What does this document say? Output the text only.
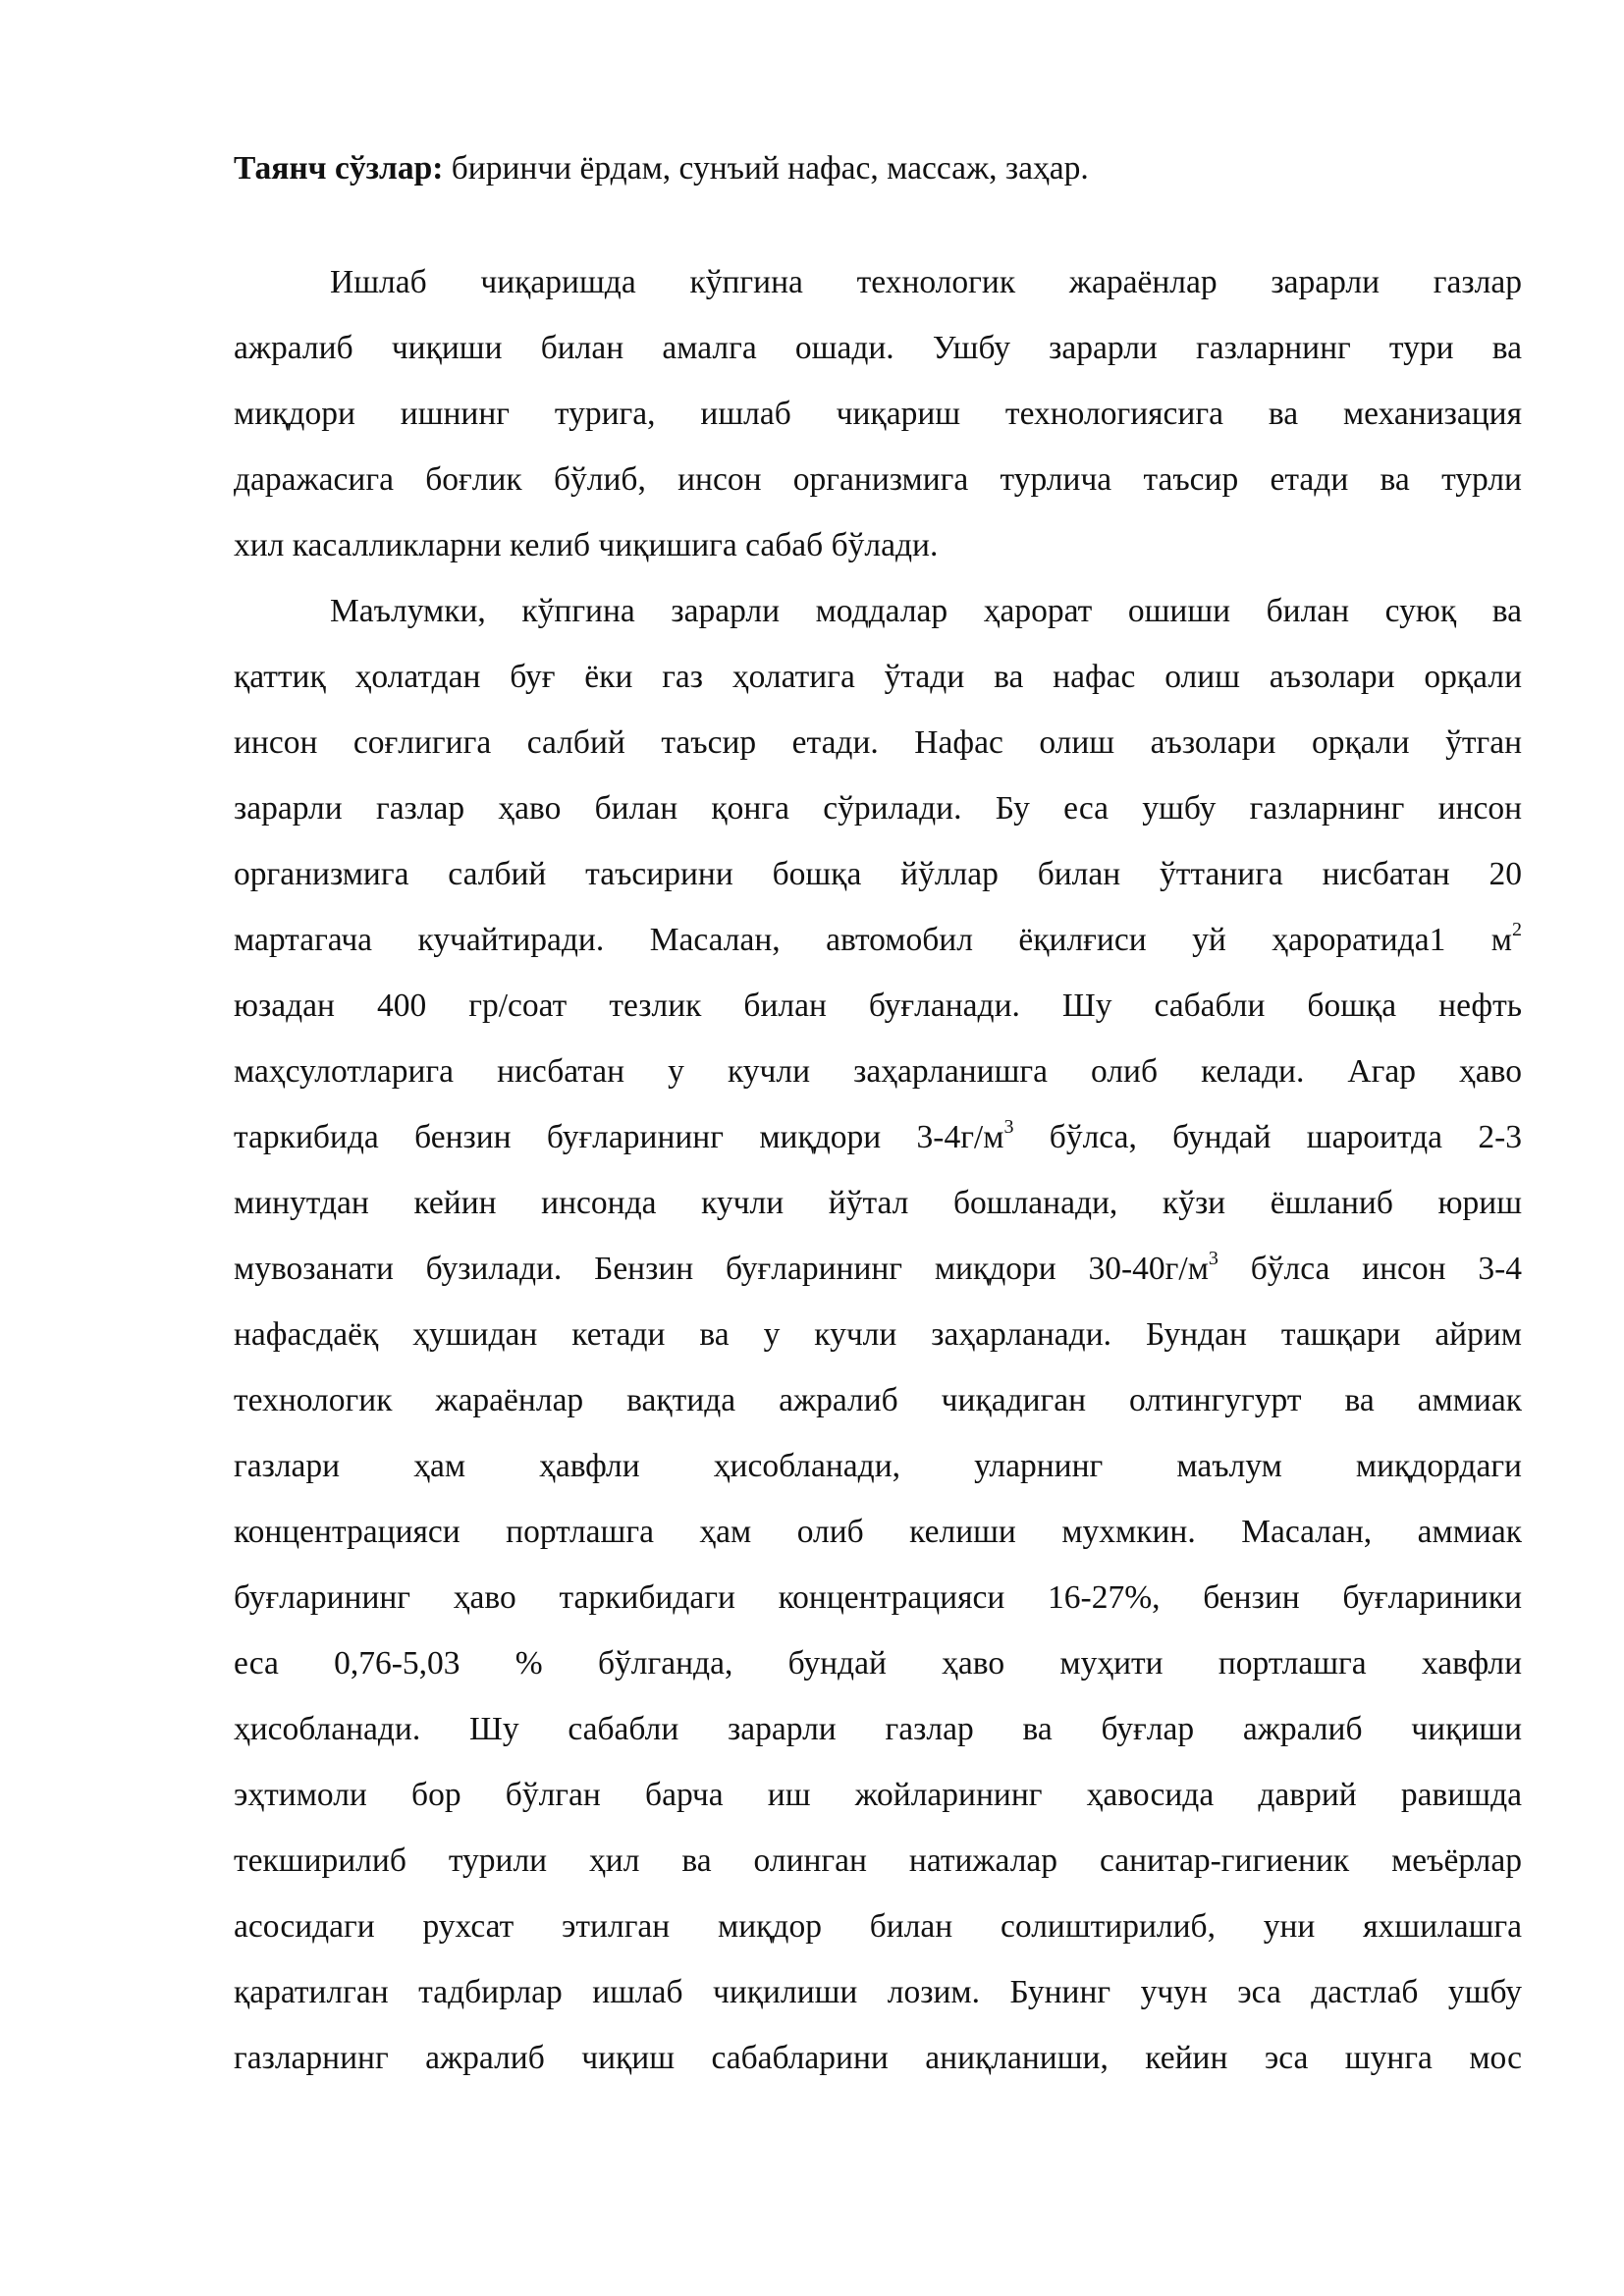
Таянч сўзлар: биринчи ёрдам, сунъий нафас, массаж, заҳар.

Ишлаб чиқаришда кўпгина технологик жараёнлар зарарли газлар
ажралиб чиқиши билан амалга ошади. Ушбу зарарли газларнинг тури ва
миқдори ишнинг турига, ишлаб чиқариш технологиясига ва механизация
даражасига боғлик бўлиб, инсон организмига турлича таъсир етади ва турли
хил касалликларни келиб чиқишига сабаб бўлади.
Маълумки, кўпгина зарарли моддалар ҳарорат ошиши билан суюқ ва
қаттиқ ҳолатдан буғ ёки газ ҳолатига ўтади ва нафас олиш аъзолари орқали
инсон соғлигига салбий таъсир етади. Нафас олиш аъзолари орқали ўтган
зарарли газлар ҳаво билан қонга сўрилади. Бу еса ушбу газларнинг инсон
организмига салбий таъсирини бошқа йўллар билан ўттанига нисбатан 20
мартагача кучайтиради. Масалан, автомобил ёқилғиси уй ҳароратида1 $м^2$
юзадан 400 гр/соат тезлик билан буғланади. Шу сабабли бошқа нефть
маҳсулотларига нисбатан у кучли заҳарланишга олиб келади. Агар ҳаво
таркибида бензин буғларининг миқдори $3-4г/м^3$ бўлса, бундай шароитда 2-3
минутдан кейин инсонда кучли йўтал бошланади, кўзи ёшланиб юриш
мувозанати бузилади. Бензин буғларининг миқдори $30-40г/м^3$ бўлса инсон 3-4
нафасдаёқ ҳушидан кетади ва у кучли заҳарланади. Бундан ташқари айрим
технологик жараёнлар вақтида ажралиб чиқадиган олтингугурт ва аммиак
газлари ҳам ҳавфли ҳисобланади, уларнинг маълум миқдордаги
концентрацияси портлашга ҳам олиб келиши мухмкин. Масалан, аммиак
буғларининг ҳаво таркибидаги концентрацияси 16-27%, бензин буғлариники
еса 0,76-5,03 % бўлганда, бундай ҳаво муҳити портлашга хавфли
ҳисобланади. Шу сабабли зарарли газлар ва буғлар ажралиб чиқиши
эҳтимоли бор бўлган барча иш жойларининг ҳавосида даврий равишда
текширилиб турили ҳил ва олинган натижалар санитар-гигиеник меъёрлар
асосидаги рухсат этилган миқдор билан солиштирилиб, уни яхшилашга
қаратилган тадбирлар ишлаб чиқилиши лозим. Бунинг учун эса дастлаб ушбу
газларнинг ажралиб чиқиш сабабларини аниқланиши, кейин эса шунга мос
